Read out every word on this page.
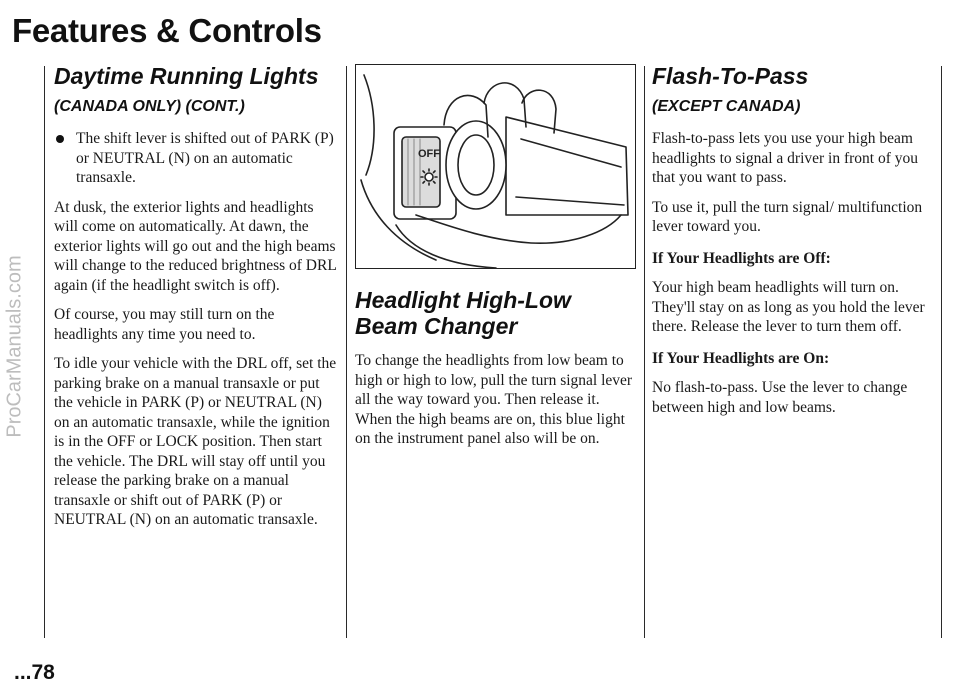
ProCarManuals.com
Features & Controls
Daytime Running Lights
(CANADA ONLY) (CONT.)
The shift lever is shifted out of PARK (P) or NEUTRAL (N) on an automatic transaxle.

At dusk, the exterior lights and headlights will come on automatically. At dawn, the exterior lights will go out and the high beams will change to the reduced brightness of DRL again (if the headlight switch is off).

Of course, you may still turn on the headlights any time you need to.

To idle your vehicle with the DRL off, set the parking brake on a manual transaxle or put the vehicle in PARK (P) or NEUTRAL (N) on an automatic transaxle, while the ignition is in the OFF or LOCK position. Then start the vehicle. The DRL will stay off until you release the parking brake on a manual transaxle or shift out of PARK (P) or NEUTRAL (N) on an automatic transaxle.

OFF
Headlight High-Low Beam Changer

To change the headlights from low beam to high or high to low, pull the turn signal lever all the way toward you. Then release it. When the high beams are on, this blue light on the instrument panel also will be on.

Flash-To-Pass
(EXCEPT CANADA)

Flash-to-pass lets you use your high beam headlights to signal a driver in front of you that you want to pass.

To use it, pull the turn signal/ multifunction lever toward you.

If Your Headlights are Off:

Your high beam headlights will turn on. They'll stay on as long as you hold the lever there. Release the lever to turn them off.

If Your Headlights are On:

No flash-to-pass. Use the lever to change between high and low beams.

...78
